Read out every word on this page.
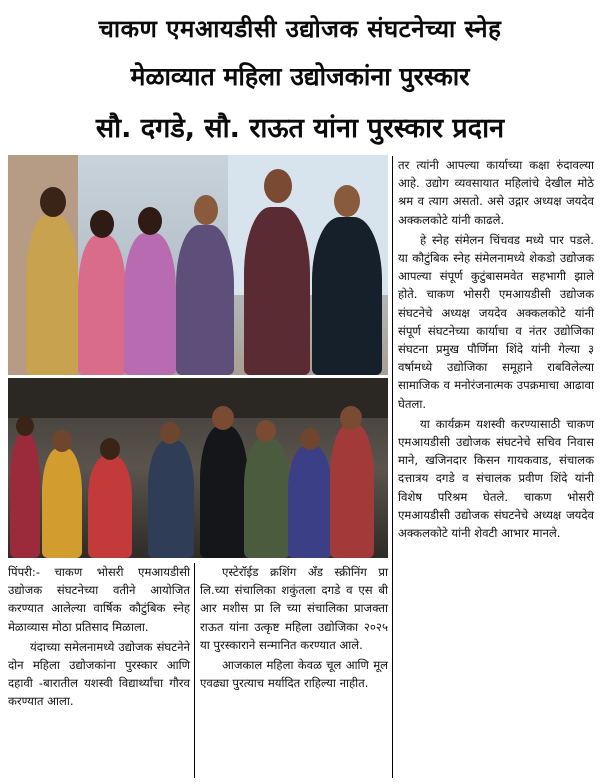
चाकण एमआयडीसी उद्योजक संघटनेच्या स्नेह
मेळाव्यात महिला उद्योजकांना पुरस्कार
सौ. दगडे, सौ. राऊत यांना पुरस्कार प्रदान

तर त्यांनी आपल्या कार्याच्या कक्षा रुंदावल्या आहे. उद्योग व्यवसायात महिलांचे देखील मोठे श्रम व त्याग असतो. असे उद्गार अध्यक्ष जयदेव अक्कलकोटे यांनी काढले.

हे स्नेह संमेलन चिंचवड मध्ये पार पडले. या कौटुंबिक स्नेह संमेलनामध्ये शेकडो उद्योजक आपल्या संपूर्ण कुटुंबासमवेत सहभागी झाले होते. चाकण भोसरी एमआयडीसी उद्योजक संघटनेचे अध्यक्ष जयदेव अक्कलकोटे यांनी संपूर्ण संघटनेच्या कार्याचा व नंतर उद्योजिका संघटना प्रमुख पौर्णिमा शिंदे यांनी गेल्या ३ वर्षामध्ये उद्योजिका समूहाने राबविलेल्या सामाजिक व मनोरंजनात्मक उपक्रमाचा आढावा घेतला.

या कार्यक्रम यशस्वी करण्यासाठी चाकण एमआयडीसी उद्योजक संघटनेचे सचिव निवास माने, खजिनदार किसन गायकवाड, संचालक दत्तात्रय दगडे व संचालक प्रवीण शिंदे यांनी विशेष परिश्रम घेतले. चाकण भोसरी एमआयडीसी उद्योजक संघटनेचे अध्यक्ष जयदेव अक्कलकोटे यांनी शेवटी आभार मानले.

पिंपरी:- चाकण भोसरी एमआयडीसी उद्योजक संघटनेच्या वतीने आयोजित करण्यात आलेल्या वार्षिक कौटुंबिक स्नेह मेळाव्यास मोठा प्रतिसाद मिळाला.

यंदाच्या समेलनामध्ये उद्योजक संघटनेने दोन महिला उद्योजकांना पुरस्कार आणि दहावी -बारातील यशस्वी विद्यार्थ्यांचा गौरव करण्यात आला.

एस्टेरॉईड क्रशिंग अँड स्क्रीनिंग प्रा लि.च्या संचालिका शकुंतला दगडे व एस बी आर मशीस प्रा लि च्या संचालिका प्राजक्ता राऊत यांना उत्कृष्ट महिला उद्योजिका २०२५ या पुरस्काराने सन्मानित करण्यात आले.

आजकाल महिला केवळ चूल आणि मूल एवढ्या पुरत्याच मर्यादित राहिल्या नाहीत.
